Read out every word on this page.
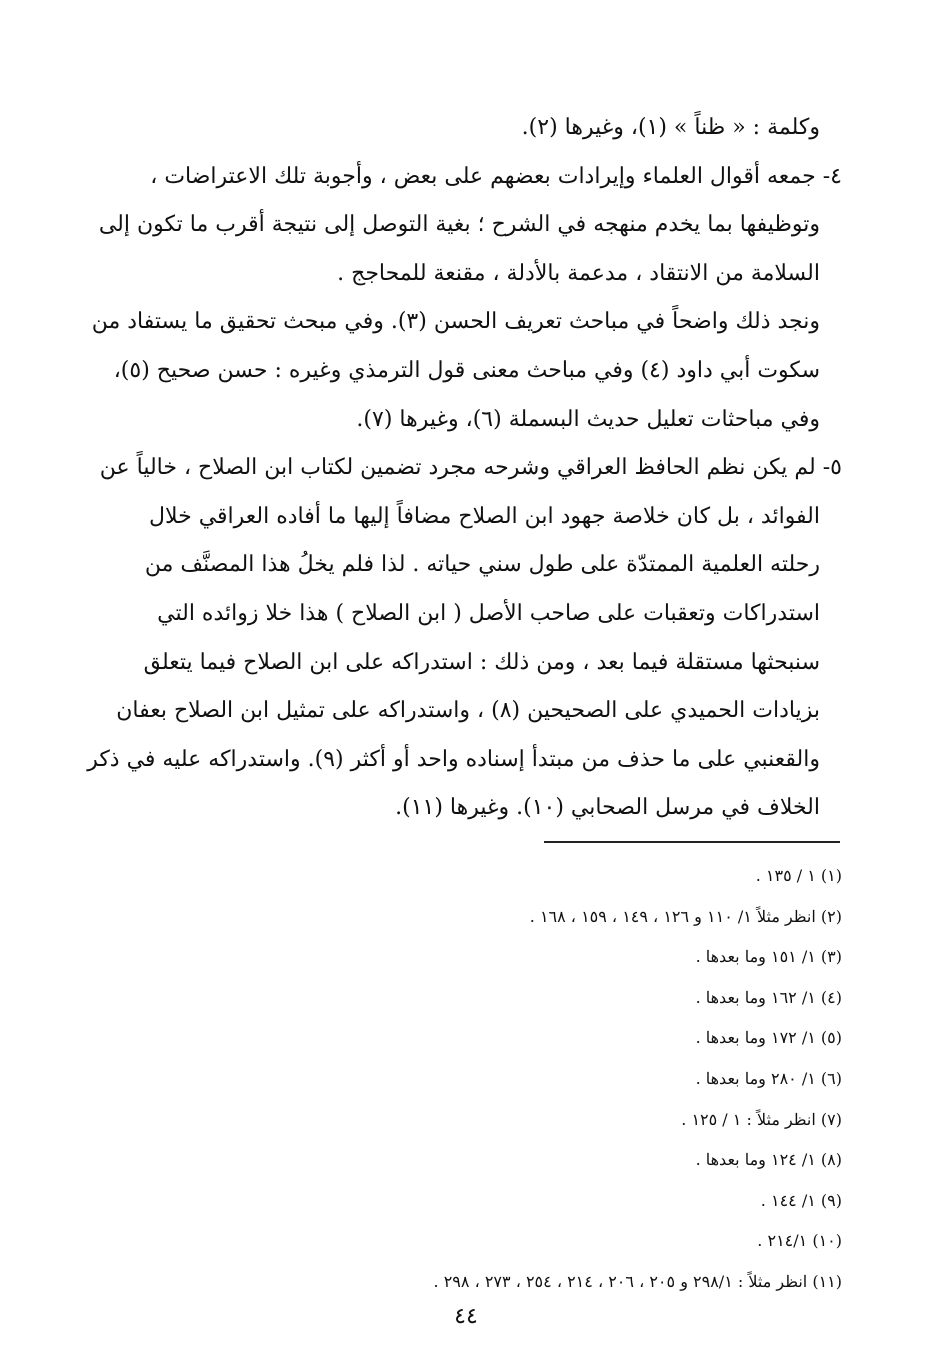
وكلمة : « ظناً » (١)، وغيرها (٢).
٤- جمعه أقوال العلماء وإيرادات بعضهم على بعض ، وأجوبة تلك الاعتراضات ،
وتوظيفها بما يخدم منهجه في الشرح ؛ بغية التوصل إلى نتيجة أقرب ما تكون إلى
السلامة من الانتقاد ، مدعمة بالأدلة ، مقنعة للمحاجج .
ونجد ذلك واضحاً في مباحث تعريف الحسن (٣). وفي مبحث تحقيق ما يستفاد من
سكوت أبي داود (٤) وفي مباحث معنى قول الترمذي وغيره : حسن صحيح (٥)،
وفي مباحثات تعليل حديث البسملة (٦)، وغيرها (٧).
٥- لم يكن نظم الحافظ العراقي وشرحه مجرد تضمين لكتاب ابن الصلاح ، خالياً عن
الفوائد ، بل كان خلاصة جهود ابن الصلاح مضافاً إليها ما أفاده العراقي خلال
رحلته العلمية الممتدّة على طول سني حياته . لذا فلم يخلُ هذا المصنَّف من
استدراكات وتعقبات على صاحب الأصل ( ابن الصلاح ) هذا خلا زوائده التي
سنبحثها مستقلة فيما بعد ، ومن ذلك : استدراكه على ابن الصلاح فيما يتعلق
بزيادات الحميدي على الصحيحين (٨) ، واستدراكه على تمثيل ابن الصلاح بعفان
والقعنبي على ما حذف من مبتدأ إسناده واحد أو أكثر (٩). واستدراكه عليه في ذكر
الخلاف في مرسل الصحابي (١٠). وغيرها (١١).
(١) ١ / ١٣٥ .
(٢) انظر مثلاً ١/ ١١٠ و ١٢٦ ، ١٤٩ ، ١٥٩ ، ١٦٨ .
(٣) ١/ ١٥١ وما بعدها .
(٤) ١/ ١٦٢ وما بعدها .
(٥) ١/ ١٧٢ وما بعدها .
(٦) ١/ ٢٨٠ وما بعدها .
(٧) انظر مثلاً : ١ / ١٢٥ .
(٨) ١/ ١٢٤ وما بعدها .
(٩) ١/ ١٤٤ .
(١٠) ٢١٤/١ .
(١١) انظر مثلاً : ٢٩٨/١ و ٢٠٥ ، ٢٠٦ ، ٢١٤ ، ٢٥٤ ، ٢٧٣ ، ٢٩٨ .
٤٤
